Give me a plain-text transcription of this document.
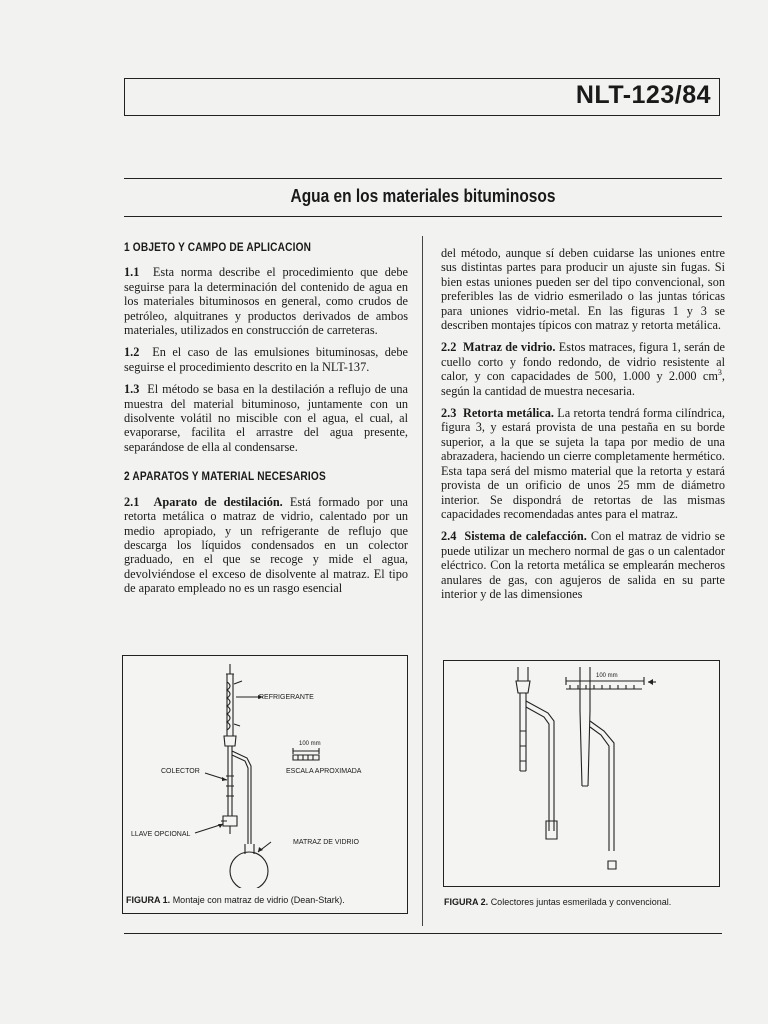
NLT-123/84
Agua en los materiales bituminosos
1 OBJETO Y CAMPO DE APLICACION

1.1 Esta norma describe el procedimiento que debe seguirse para la determinación del contenido de agua en los materiales bituminosos en general, como crudos de petróleo, alquitranes y productos derivados de ambos materiales, utilizados en construcción de carreteras.

1.2 En el caso de las emulsiones bituminosas, debe seguirse el procedimiento descrito en la NLT-137.

1.3 El método se basa en la destilación a reflujo de una muestra del material bituminoso, juntamente con un disolvente volátil no miscible con el agua, el cual, al evaporarse, facilita el arrastre del agua presente, separándose de ella al condensarse.

2 APARATOS Y MATERIAL NECESARIOS

2.1 Aparato de destilación. Está formado por una retorta metálica o matraz de vidrio, calentado por un medio apropiado, y un refrigerante de reflujo que descarga los líquidos condensados en un colector graduado, en el que se recoge y mide el agua, devolviéndose el exceso de disolvente al matraz. El tipo de aparato empleado no es un rasgo esencial

del método, aunque sí deben cuidarse las uniones entre sus distintas partes para producir un ajuste sin fugas. Si bien estas uniones pueden ser del tipo convencional, son preferibles las de vidrio esmerilado o las juntas tóricas para uniones vidrio-metal. En las figuras 1 y 3 se describen montajes típicos con matraz y retorta metálica.

2.2 Matraz de vidrio. Estos matraces, figura 1, serán de cuello corto y fondo redondo, de vidrio resistente al calor, y con capacidades de 500, 1.000 y 2.000 $cm^3$, según la cantidad de muestra necesaria.

2.3 Retorta metálica. La retorta tendrá forma cilíndrica, figura 3, y estará provista de una pestaña en su borde superior, a la que se sujeta la tapa por medio de una abrazadera, haciendo un cierre completamente hermético. Esta tapa será del mismo material que la retorta y estará provista de un orificio de unos 25 mm de diámetro interior. Se dispondrá de retortas de las mismas capacidades recomendadas antes para el matraz.

2.4 Sistema de calefacción. Con el matraz de vidrio se puede utilizar un mechero normal de gas o un calentador eléctrico. Con la retorta metálica se emplearán mecheros anulares de gas, con agujeros de salida en su parte interior y de las dimensiones

REFRIGERANTE
COLECTOR
LLAVE OPCIONAL
MATRAZ DE VIDRIO
100 mm
ESCALA APROXIMADA
FIGURA 1. Montaje con matraz de vidrio (Dean-Stark).
100 mm
FIGURA 2. Colectores juntas esmerilada y convencional.
